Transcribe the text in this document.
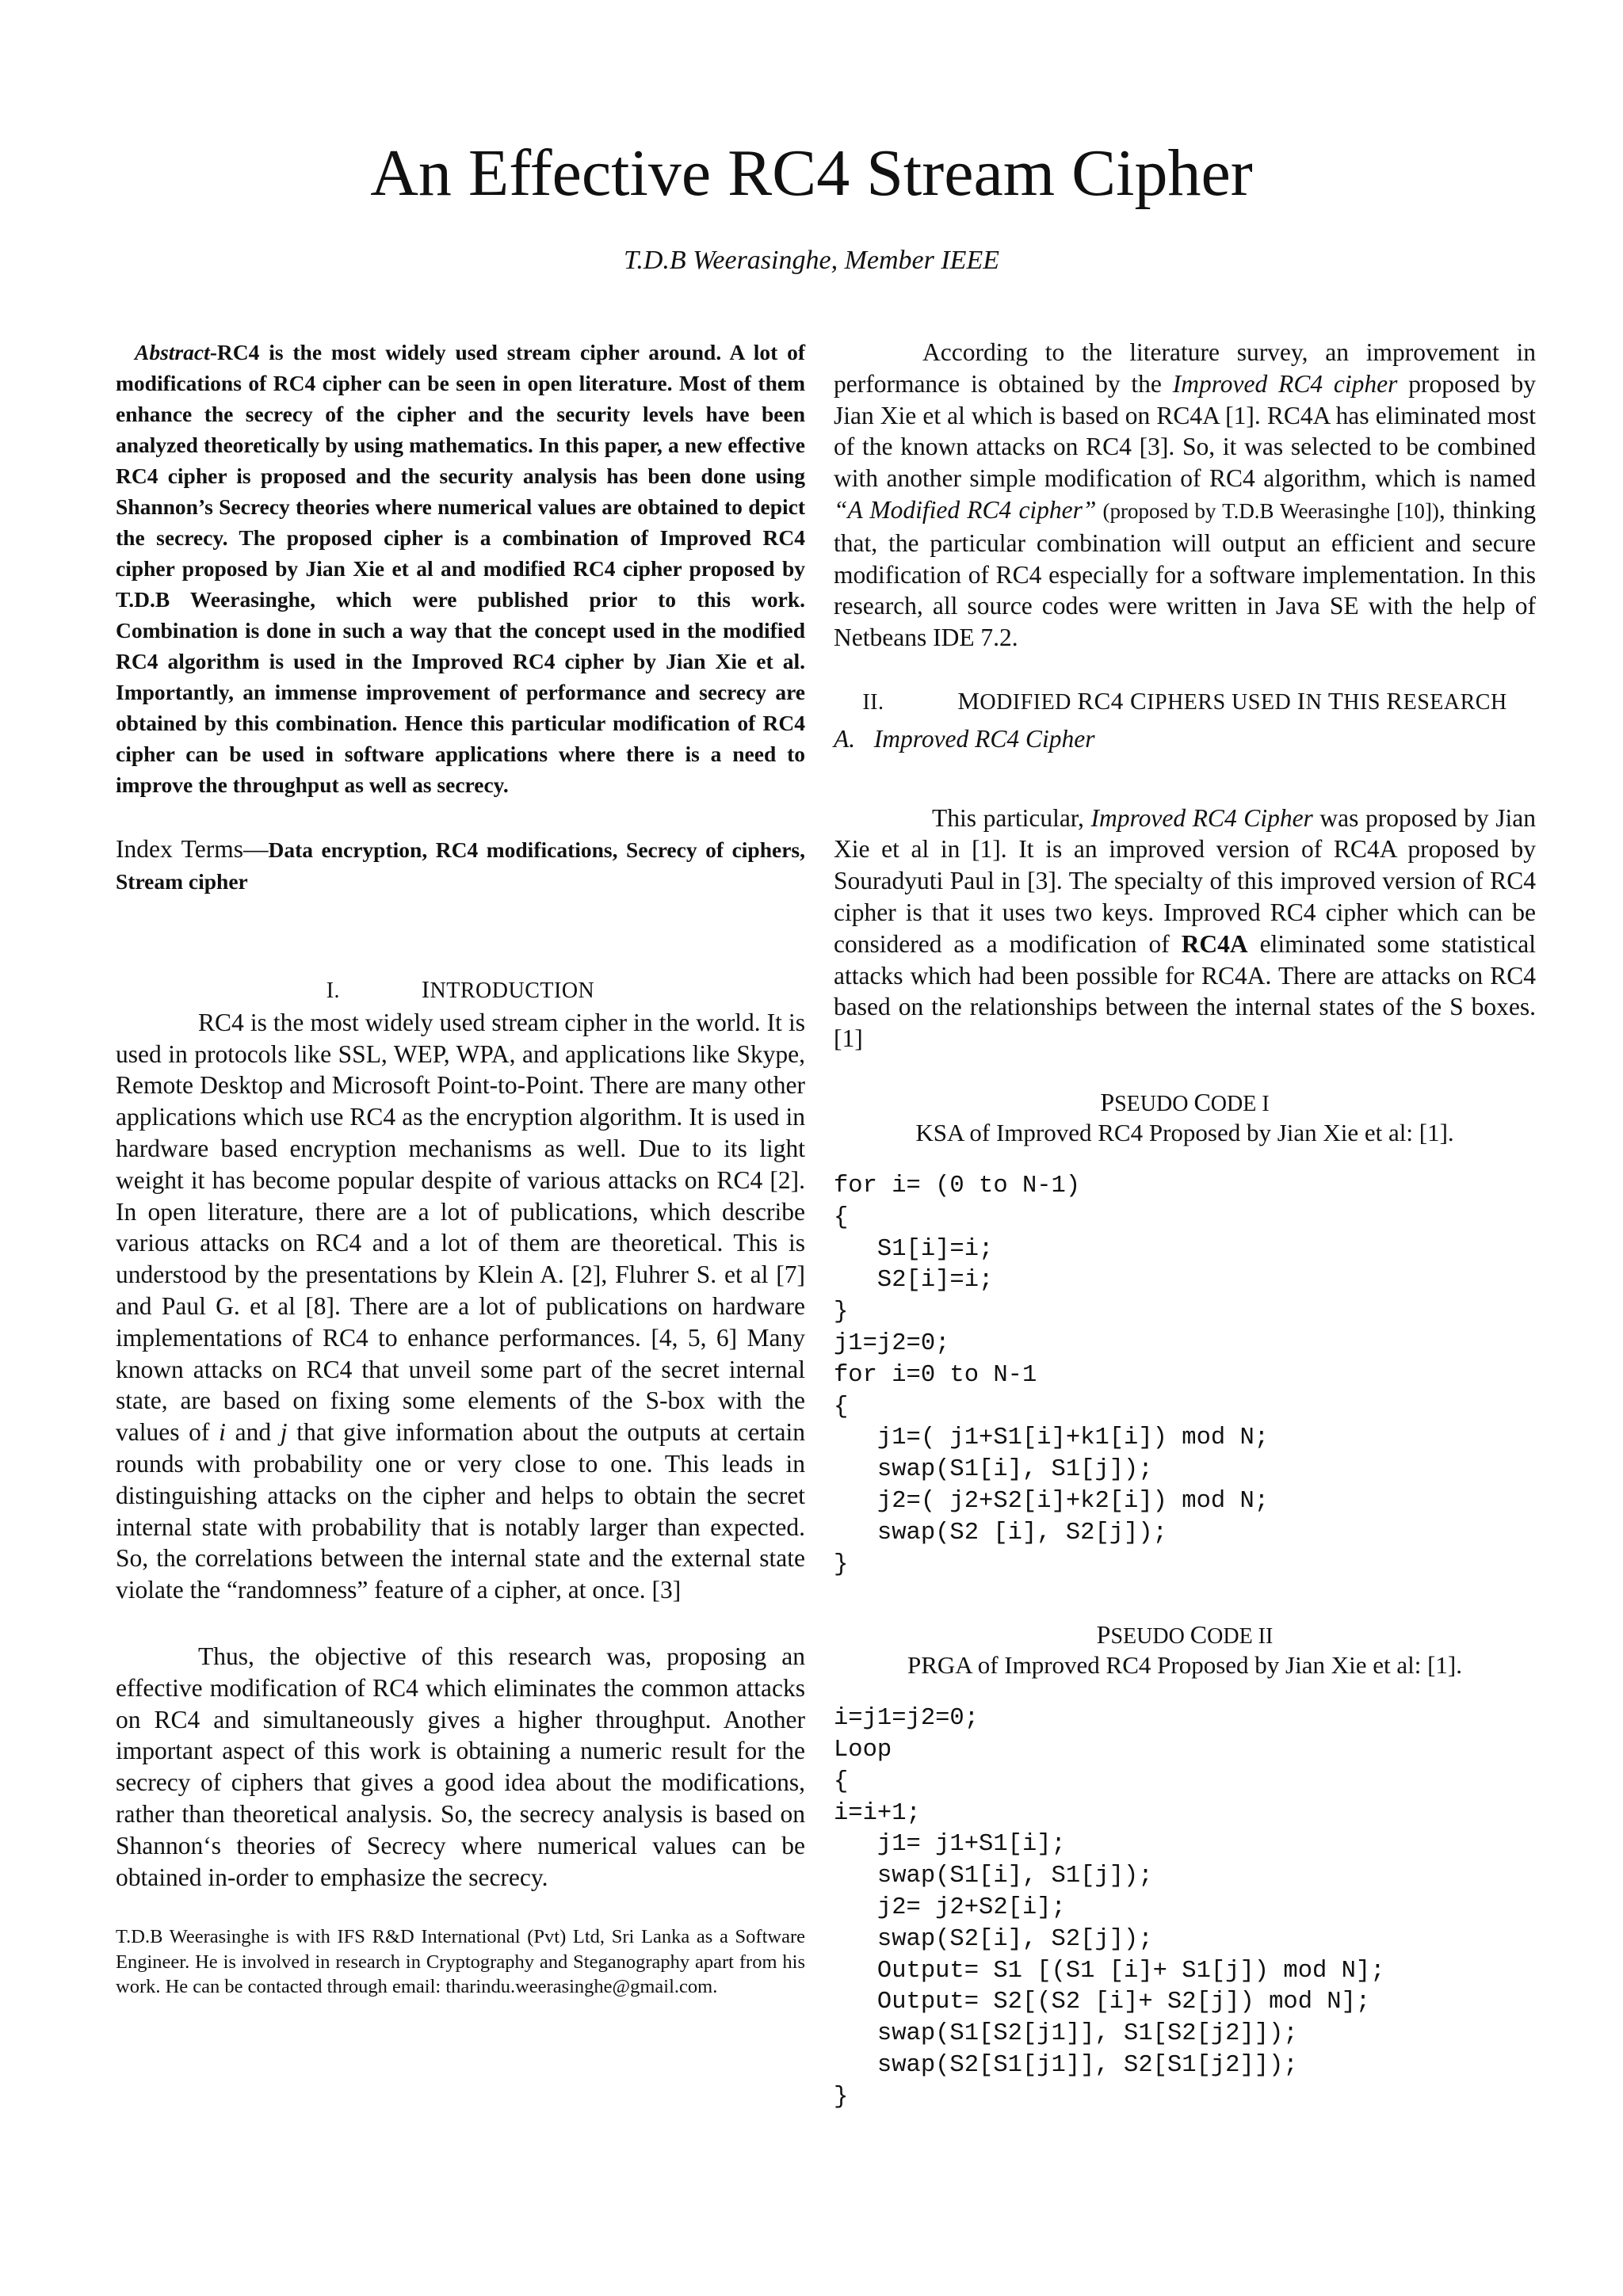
An Effective RC4 Stream Cipher
T.D.B Weerasinghe, Member IEEE

Abstract-RC4 is the most widely used stream cipher around. A lot of modifications of RC4 cipher can be seen in open literature. Most of them enhance the secrecy of the cipher and the security levels have been analyzed theoretically by using mathematics. In this paper, a new effective RC4 cipher is proposed and the security analysis has been done using Shannon’s Secrecy theories where numerical values are obtained to depict the secrecy. The proposed cipher is a combination of Improved RC4 cipher proposed by Jian Xie et al and modified RC4 cipher proposed by T.D.B Weerasinghe, which were published prior to this work. Combination is done in such a way that the concept used in the modified RC4 algorithm is used in the Improved RC4 cipher by Jian Xie et al. Importantly, an immense improvement of performance and secrecy are obtained by this combination. Hence this particular modification of RC4 cipher can be used in software applications where there is a need to improve the throughput as well as secrecy.

Index Terms—Data encryption, RC4 modifications, Secrecy of ciphers, Stream cipher

I.	INTRODUCTION

RC4 is the most widely used stream cipher in the world. It is used in protocols like SSL, WEP, WPA, and applications like Skype, Remote Desktop and Microsoft Point-to-Point. There are many other applications which use RC4 as the encryption algorithm. It is used in hardware based encryption mechanisms as well. Due to its light weight it has become popular despite of various attacks on RC4 [2]. In open literature, there are a lot of publications, which describe various attacks on RC4 and a lot of them are theoretical. This is understood by the presentations by Klein A. [2], Fluhrer S. et al [7] and Paul G. et al [8]. There are a lot of publications on hardware implementations of RC4 to enhance performances. [4, 5, 6] Many known attacks on RC4 that unveil some part of the secret internal state, are based on fixing some elements of the S-box with the values of i and j that give information about the outputs at certain rounds with probability one or very close to one. This leads in distinguishing attacks on the cipher and helps to obtain the secret internal state with probability that is notably larger than expected. So, the correlations between the internal state and the external state violate the “randomness” feature of a cipher, at once. [3]

Thus, the objective of this research was, proposing an effective modification of RC4 which eliminates the common attacks on RC4 and simultaneously gives a higher throughput. Another important aspect of this work is obtaining a numeric result for the secrecy of ciphers that gives a good idea about the modifications, rather than theoretical analysis. So, the secrecy analysis is based on Shannon‘s theories of Secrecy where numerical values can be obtained in-order to emphasize the secrecy.

T.D.B Weerasinghe is with IFS R&D International (Pvt) Ltd, Sri Lanka as a Software Engineer. He is involved in research in Cryptography and Steganography apart from his work. He can be contacted through email: tharindu.weerasinghe@gmail.com.

According to the literature survey, an improvement in performance is obtained by the Improved RC4 cipher proposed by Jian Xie et al which is based on RC4A [1]. RC4A has eliminated most of the known attacks on RC4 [3]. So, it was selected to be combined with another simple modification of RC4 algorithm, which is named “A Modified RC4 cipher” (proposed by T.D.B Weerasinghe [10]), thinking that, the particular combination will output an efficient and secure modification of RC4 especially for a software implementation. In this research, all source codes were written in Java SE with the help of Netbeans IDE 7.2.

II.	MODIFIED RC4 CIPHERS USED IN THIS RESEARCH

A.   Improved RC4 Cipher

This particular, Improved RC4 Cipher was proposed by Jian Xie et al in [1]. It is an improved version of RC4A proposed by Souradyuti Paul in [3]. The specialty of this improved version of RC4 cipher is that it uses two keys. Improved RC4 cipher which can be considered as a modification of RC4A eliminated some statistical attacks which had been possible for RC4A. There are attacks on RC4 based on the relationships between the internal states of the S boxes. [1]

PSEUDO CODE I
KSA of Improved RC4 Proposed by Jian Xie et al: [1].
for i= (0 to N-1)
{
S1[i]=i;
S2[i]=i;
}
j1=j2=0;
for i=0 to N-1
{
j1=( j1+S1[i]+k1[i]) mod N;
swap(S1[i], S1[j]);
j2=( j2+S2[i]+k2[i]) mod N;
swap(S2 [i], S2[j]);
}
PSEUDO CODE II
PRGA of Improved RC4 Proposed by Jian Xie et al: [1].
i=j1=j2=0;
Loop
{
i=i+1;
j1= j1+S1[i];
swap(S1[i], S1[j]);
j2= j2+S2[i];
swap(S2[i], S2[j]);
Output= S1 [(S1 [i]+ S1[j]) mod N];
Output= S2[(S2 [i]+ S2[j]) mod N];
swap(S1[S2[j1]], S1[S2[j2]]);
swap(S2[S1[j1]], S2[S1[j2]]);
}
